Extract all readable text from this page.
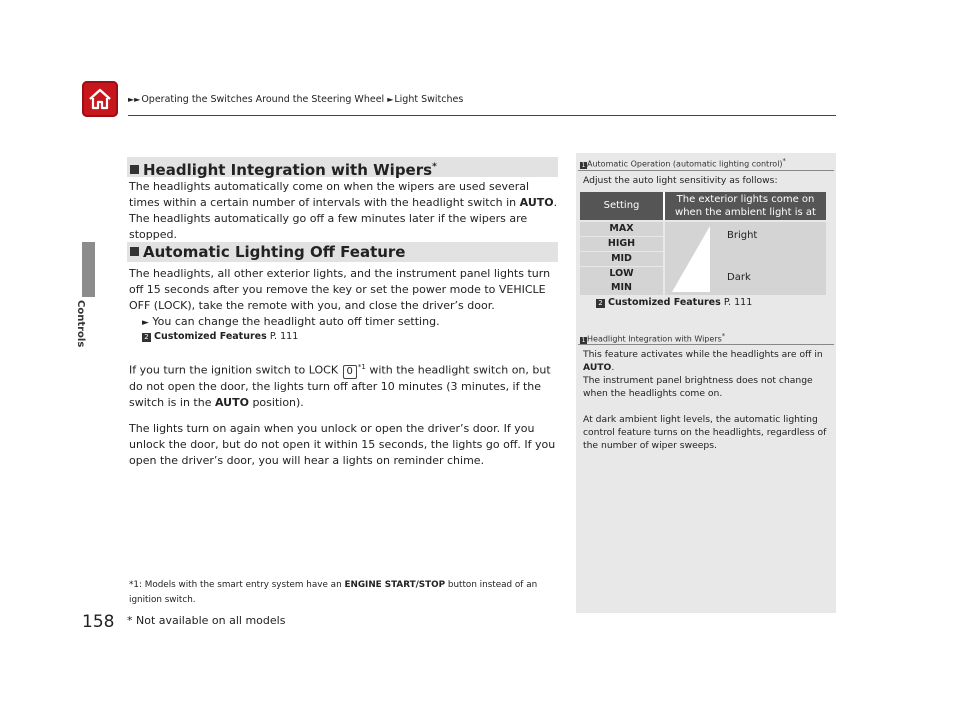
►►Operating the Switches Around the Steering Wheel ►Light Switches
Controls
158
Headlight Integration with Wipers*
The headlights automatically come on when the wipers are used several times within a certain number of intervals with the headlight switch in AUTO.
The headlights automatically go off a few minutes later if the wipers are stopped.
Automatic Lighting Off Feature
The headlights, all other exterior lights, and the instrument panel lights turn off 15 seconds after you remove the key or set the power mode to VEHICLE OFF (LOCK), take the remote with you, and close the driver’s door.
► You can change the headlight auto off timer setting.
2 Customized Features P. 111
If you turn the ignition switch to LOCK 0 $^{*1}$ with the headlight switch on, but do not open the door, the lights turn off after 10 minutes (3 minutes, if the switch is in the AUTO position).
The lights turn on again when you unlock or open the driver’s door. If you unlock the door, but do not open it within 15 seconds, the lights go off. If you open the driver’s door, you will hear a lights on reminder chime.
*1: Models with the smart entry system have an ENGINE START/STOP button instead of an ignition switch.
* Not available on all models
1 Automatic Operation (automatic lighting control)*
Adjust the auto light sensitivity as follows:
Setting
The exterior lights come on when the ambient light is at
MAX
HIGH
MID
LOW
MIN
Bright
Dark
2 Customized Features P. 111
1 Headlight Integration with Wipers*
This feature activates while the headlights are off in AUTO.
The instrument panel brightness does not change when the headlights come on.

At dark ambient light levels, the automatic lighting control feature turns on the headlights, regardless of the number of wiper sweeps.
